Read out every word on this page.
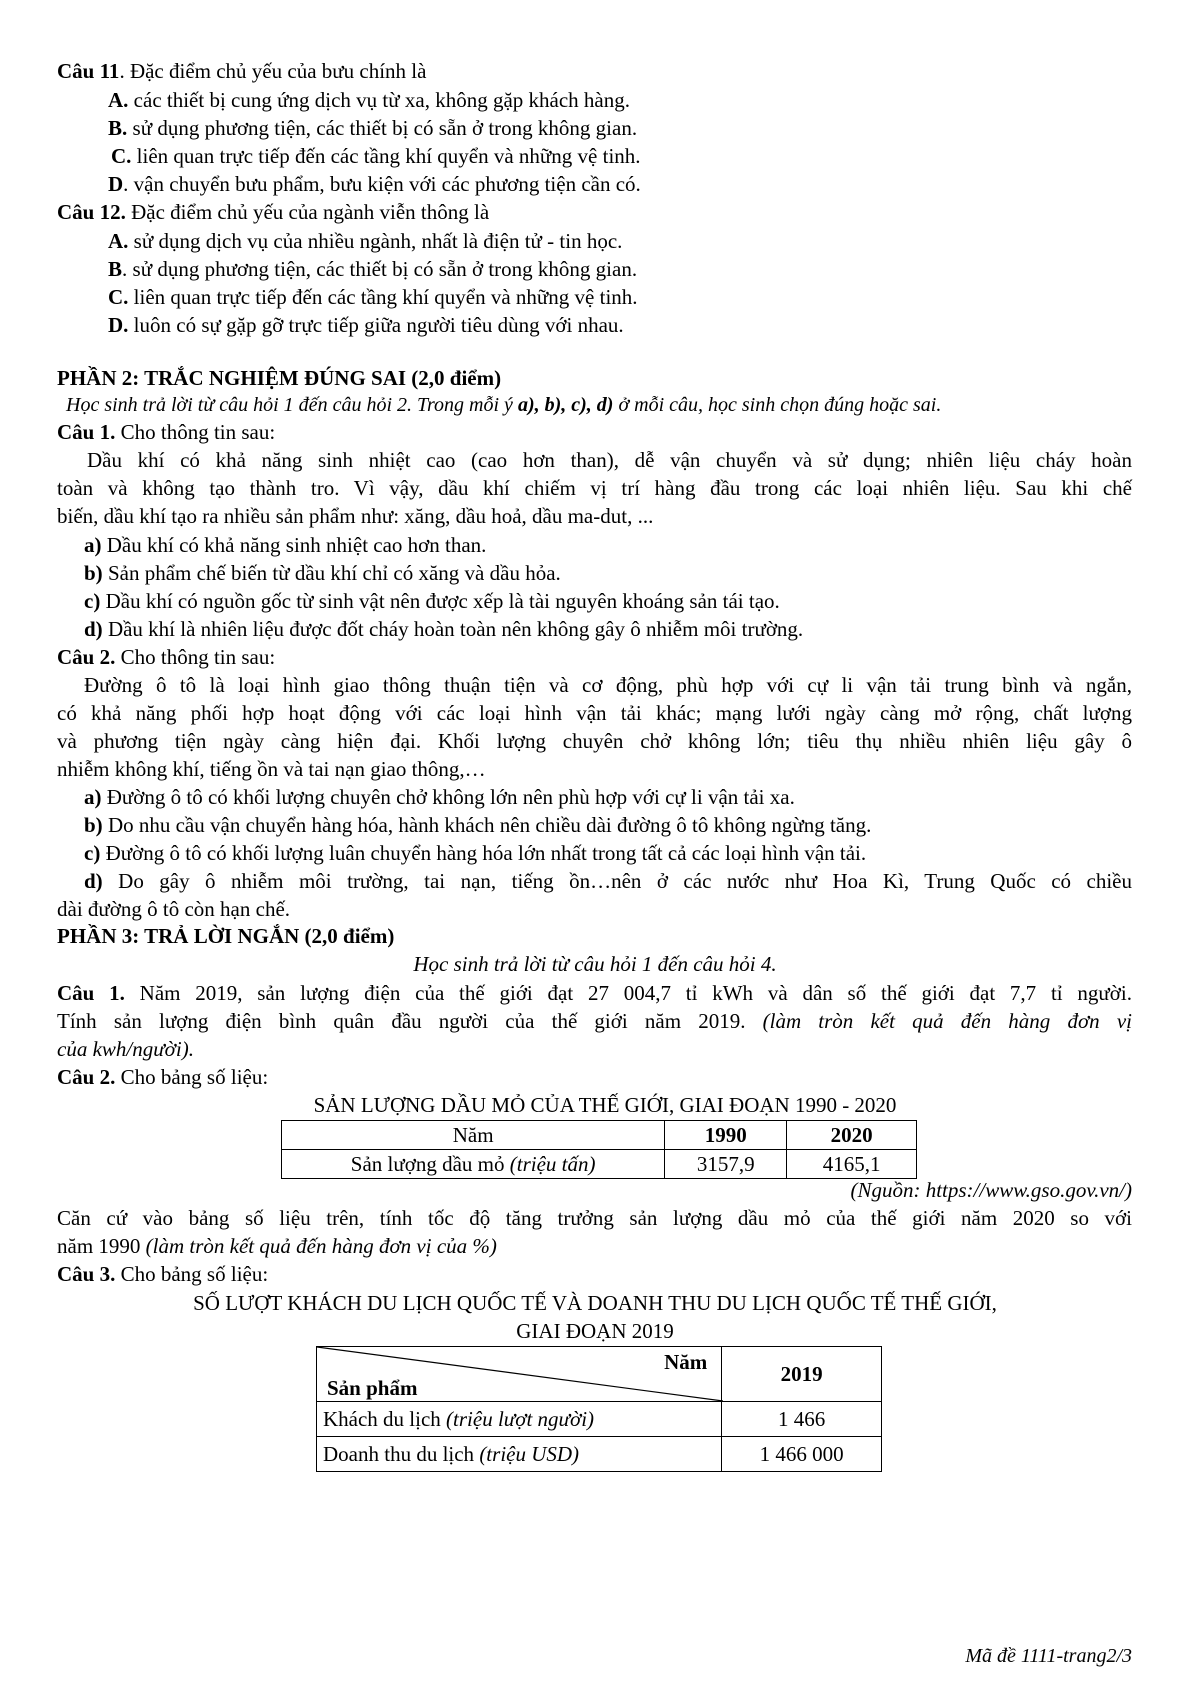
Câu 11. Đặc điểm chủ yếu của bưu chính là
A. các thiết bị cung ứng dịch vụ từ xa, không gặp khách hàng.
B. sử dụng phương tiện, các thiết bị có sẵn ở trong không gian.
C. liên quan trực tiếp đến các tầng khí quyển và những vệ tinh.
D. vận chuyển bưu phẩm, bưu kiện với các phương tiện cần có.
Câu 12. Đặc điểm chủ yếu của ngành viễn thông là
A. sử dụng dịch vụ của nhiều ngành, nhất là điện tử - tin học.
B. sử dụng phương tiện, các thiết bị có sẵn ở trong không gian.
C. liên quan trực tiếp đến các tầng khí quyển và những vệ tinh.
D. luôn có sự gặp gỡ trực tiếp giữa người tiêu dùng với nhau.
PHẦN 2: TRẮC NGHIỆM ĐÚNG SAI (2,0 điểm)
Học sinh trả lời từ câu hỏi 1 đến câu hỏi 2. Trong mỗi ý a), b), c), d) ở mỗi câu, học sinh chọn đúng hoặc sai.
Câu 1. Cho thông tin sau:
Dầu khí có khả năng sinh nhiệt cao (cao hơn than), dễ vận chuyển và sử dụng; nhiên liệu cháy hoàn
toàn và không tạo thành tro. Vì vậy, dầu khí chiếm vị trí hàng đầu trong các loại nhiên liệu. Sau khi chế
biến, dầu khí tạo ra nhiều sản phẩm như: xăng, dầu hoả, dầu ma-dut, ...
a) Dầu khí có khả năng sinh nhiệt cao hơn than.
b) Sản phẩm chế biến từ dầu khí chỉ có xăng và dầu hỏa.
c) Dầu khí có nguồn gốc từ sinh vật nên được xếp là tài nguyên khoáng sản tái tạo.
d) Dầu khí là nhiên liệu được đốt cháy hoàn toàn nên không gây ô nhiễm môi trường.
Câu 2. Cho thông tin sau:
Đường ô tô là loại hình giao thông thuận tiện và cơ động, phù hợp với cự li vận tải trung bình và ngắn,
có khả năng phối hợp hoạt động với các loại hình vận tải khác; mạng lưới ngày càng mở rộng, chất lượng
và phương tiện ngày càng hiện đại. Khối lượng chuyên chở không lớn; tiêu thụ nhiều nhiên liệu gây ô
nhiễm không khí, tiếng ồn và tai nạn giao thông,…
a) Đường ô tô có khối lượng chuyên chở không lớn nên phù hợp với cự li vận tải xa.
b) Do nhu cầu vận chuyển hàng hóa, hành khách nên chiều dài đường ô tô không ngừng tăng.
c) Đường ô tô có khối lượng luân chuyển hàng hóa lớn nhất trong tất cả các loại hình vận tải.
d) Do gây ô nhiễm môi trường, tai nạn, tiếng ồn…nên ở các nước như Hoa Kì, Trung Quốc có chiều
dài đường ô tô còn hạn chế.
PHẦN 3: TRẢ LỜI NGẮN (2,0 điểm)
Học sinh trả lời từ câu hỏi 1 đến câu hỏi 4.
Câu 1. Năm 2019, sản lượng điện của thế giới đạt 27 004,7 tỉ kWh và dân số thế giới đạt 7,7 tỉ người.
Tính sản lượng điện bình quân đầu người của thế giới năm 2019. (làm tròn kết quả đến hàng đơn vị
của kwh/người).
Câu 2. Cho bảng số liệu:
SẢN LƯỢNG DẦU MỎ CỦA THẾ GIỚI, GIAI ĐOẠN 1990 - 2020
Năm	1990	2020
Sản lượng dầu mỏ (triệu tấn)	3157,9	4165,1
(Nguồn: https://www.gso.gov.vn/)
Căn cứ vào bảng số liệu trên, tính tốc độ tăng trưởng sản lượng dầu mỏ của thế giới năm 2020 so với
năm 1990 (làm tròn kết quả đến hàng đơn vị của %)
Câu 3. Cho bảng số liệu:
SỐ LƯỢT KHÁCH DU LỊCH QUỐC TẾ VÀ DOANH THU DU LỊCH QUỐC TẾ THẾ GIỚI,
GIAI ĐOẠN 2019
Năm
Sản phẩm	2019
Khách du lịch (triệu lượt người)	1 466
Doanh thu du lịch (triệu USD)	1 466 000
Mã đề 1111-trang2/3
